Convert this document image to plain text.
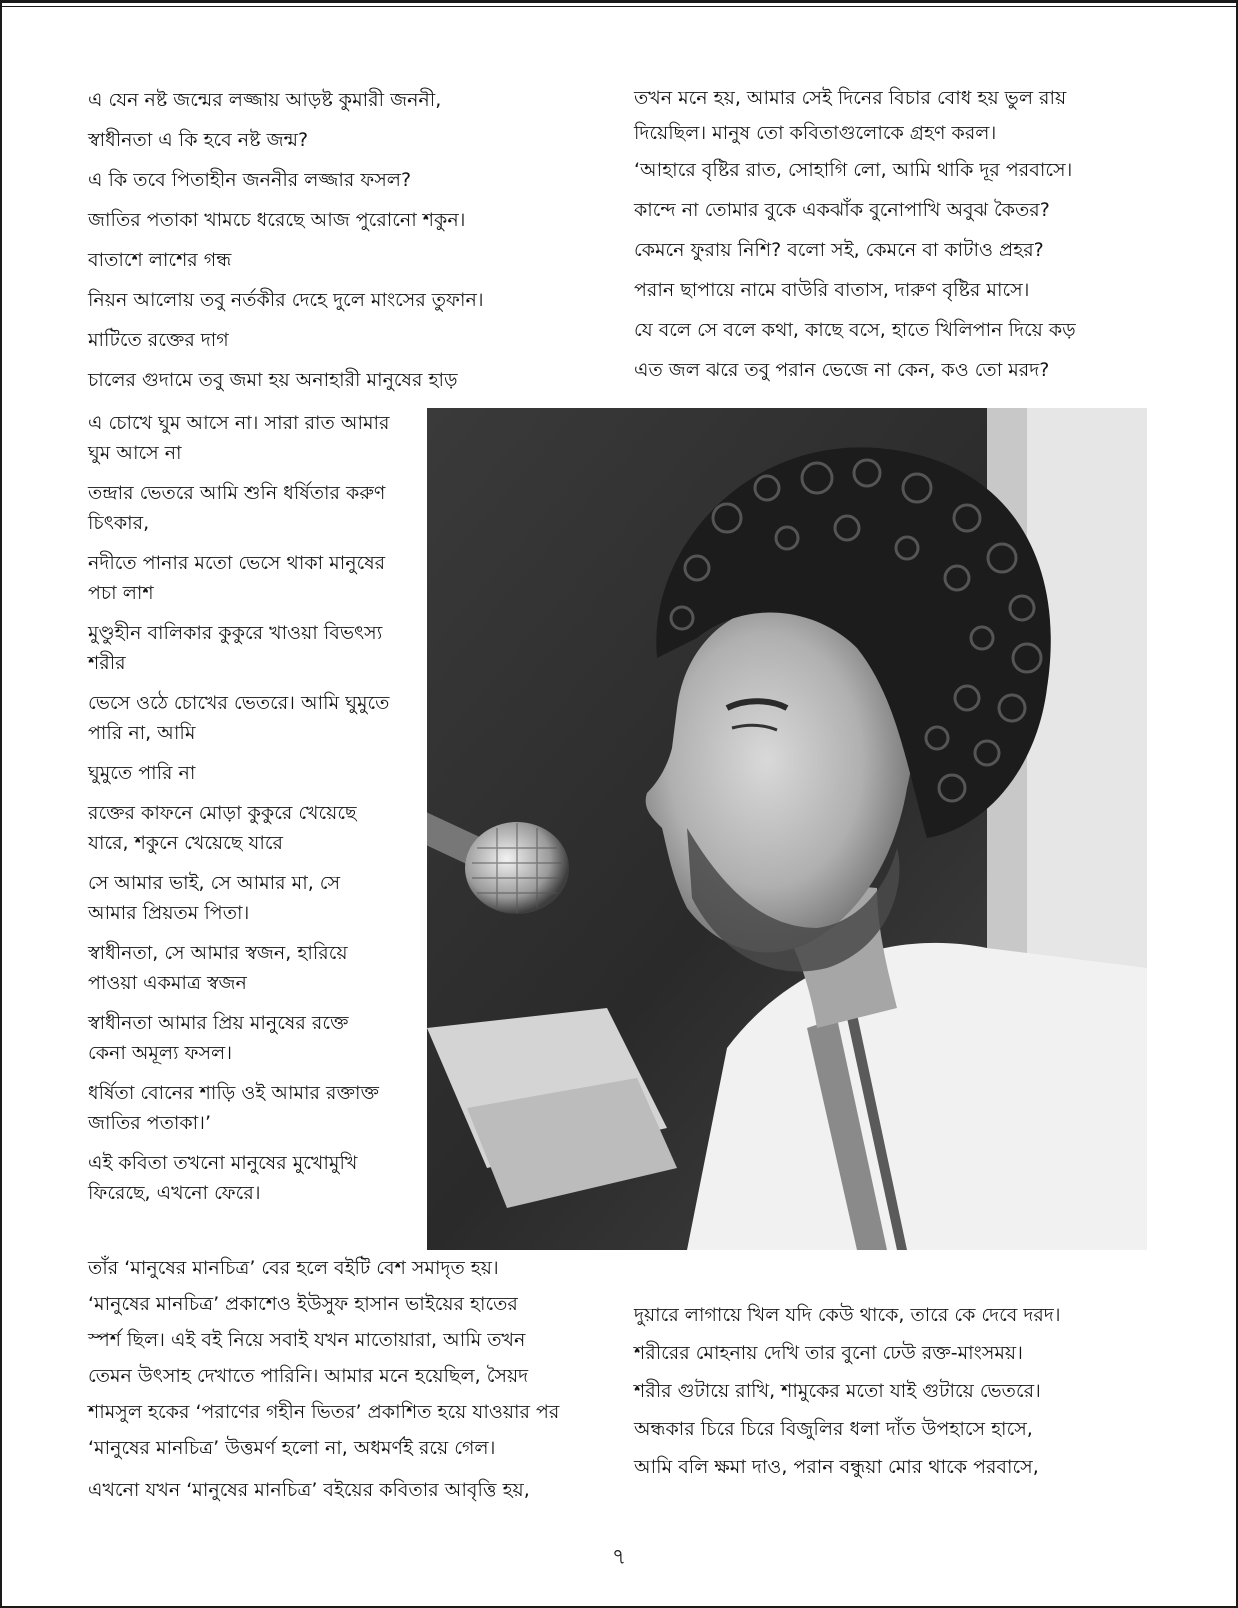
এ যেন নষ্ট জন্মের লজ্জায় আড়ষ্ট কুমারী জননী,

স্বাধীনতা এ কি হবে নষ্ট জন্ম?

এ কি তবে পিতাহীন জননীর লজ্জার ফসল?

জাতির পতাকা খামচে ধরেছে আজ পুরোনো শকুন।

বাতাশে লাশের গন্ধ

নিয়ন আলোয় তবু নর্তকীর দেহে দুলে মাংসের তুফান।

মাটিতে রক্তের দাগ

চালের গুদামে তবু জমা হয় অনাহারী মানুষের হাড়

তখন মনে হয়, আমার সেই দিনের বিচার বোধ হয় ভুল রায়

দিয়েছিল। মানুষ তো কবিতাগুলোকে গ্রহণ করল।

‘আহারে বৃষ্টির রাত, সোহাগি লো, আমি থাকি দূর পরবাসে।

কান্দে না তোমার বুকে একঝাঁক বুনোপাখি অবুঝ কৈতর?

কেমনে ফুরায় নিশি? বলো সই, কেমনে বা কাটাও প্রহর?

পরান ছাপায়ে নামে বাউরি বাতাস, দারুণ বৃষ্টির মাসে।

যে বলে সে বলে কথা, কাছে বসে, হাতে খিলিপান দিয়ে কড়

এত জল ঝরে তবু পরান ভেজে না কেন, কও তো মরদ?

এ চোখে ঘুম আসে না। সারা রাত আমার

ঘুম আসে না

তন্দ্রার ভেতরে আমি শুনি ধর্ষিতার করুণ

চিৎকার,

নদীতে পানার মতো ভেসে থাকা মানুষের

পচা লাশ

মুণ্ডুহীন বালিকার কুকুরে খাওয়া বিভৎস্য

শরীর

ভেসে ওঠে চোখের ভেতরে। আমি ঘুমুতে

পারি না, আমি

ঘুমুতে পারি না

রক্তের কাফনে মোড়া কুকুরে খেয়েছে

যারে, শকুনে খেয়েছে যারে

সে আমার ভাই, সে আমার মা, সে

আমার প্রিয়তম পিতা।

স্বাধীনতা, সে আমার স্বজন, হারিয়ে

পাওয়া একমাত্র স্বজন

স্বাধীনতা আমার প্রিয় মানুষের রক্তে

কেনা অমূল্য ফসল।

ধর্ষিতা বোনের শাড়ি ওই আমার রক্তাক্ত

জাতির পতাকা।’

এই কবিতা তখনো মানুষের মুখোমুখি

ফিরেছে, এখনো ফেরে।

তাঁর ‘মানুষের মানচিত্র’ বের হলে বইটি বেশ সমাদৃত হয়।

‘মানুষের মানচিত্র’ প্রকাশেও ইউসুফ হাসান ভাইয়ের হাতের

স্পর্শ ছিল। এই বই নিয়ে সবাই যখন মাতোয়ারা, আমি তখন

তেমন উৎসাহ দেখাতে পারিনি। আমার মনে হয়েছিল, সৈয়দ

শামসুল হকের ‘পরাণের গহীন ভিতর’ প্রকাশিত হয়ে যাওয়ার পর

‘মানুষের মানচিত্র’ উত্তমর্ণ হলো না, অধমর্ণই রয়ে গেল।

এখনো যখন ‘মানুষের মানচিত্র’ বইয়ের কবিতার আবৃত্তি হয়,

দুয়ারে লাগায়ে খিল যদি কেউ থাকে, তারে কে দেবে দরদ।

শরীরের মোহনায় দেখি তার বুনো ঢেউ রক্ত-মাংসময়।

শরীর গুটায়ে রাখি, শামুকের মতো যাই গুটায়ে ভেতরে।

অন্ধকার চিরে চিরে বিজুলির ধলা দাঁত উপহাসে হাসে,

আমি বলি ক্ষমা দাও, পরান বন্ধুয়া মোর থাকে পরবাসে,

৭
